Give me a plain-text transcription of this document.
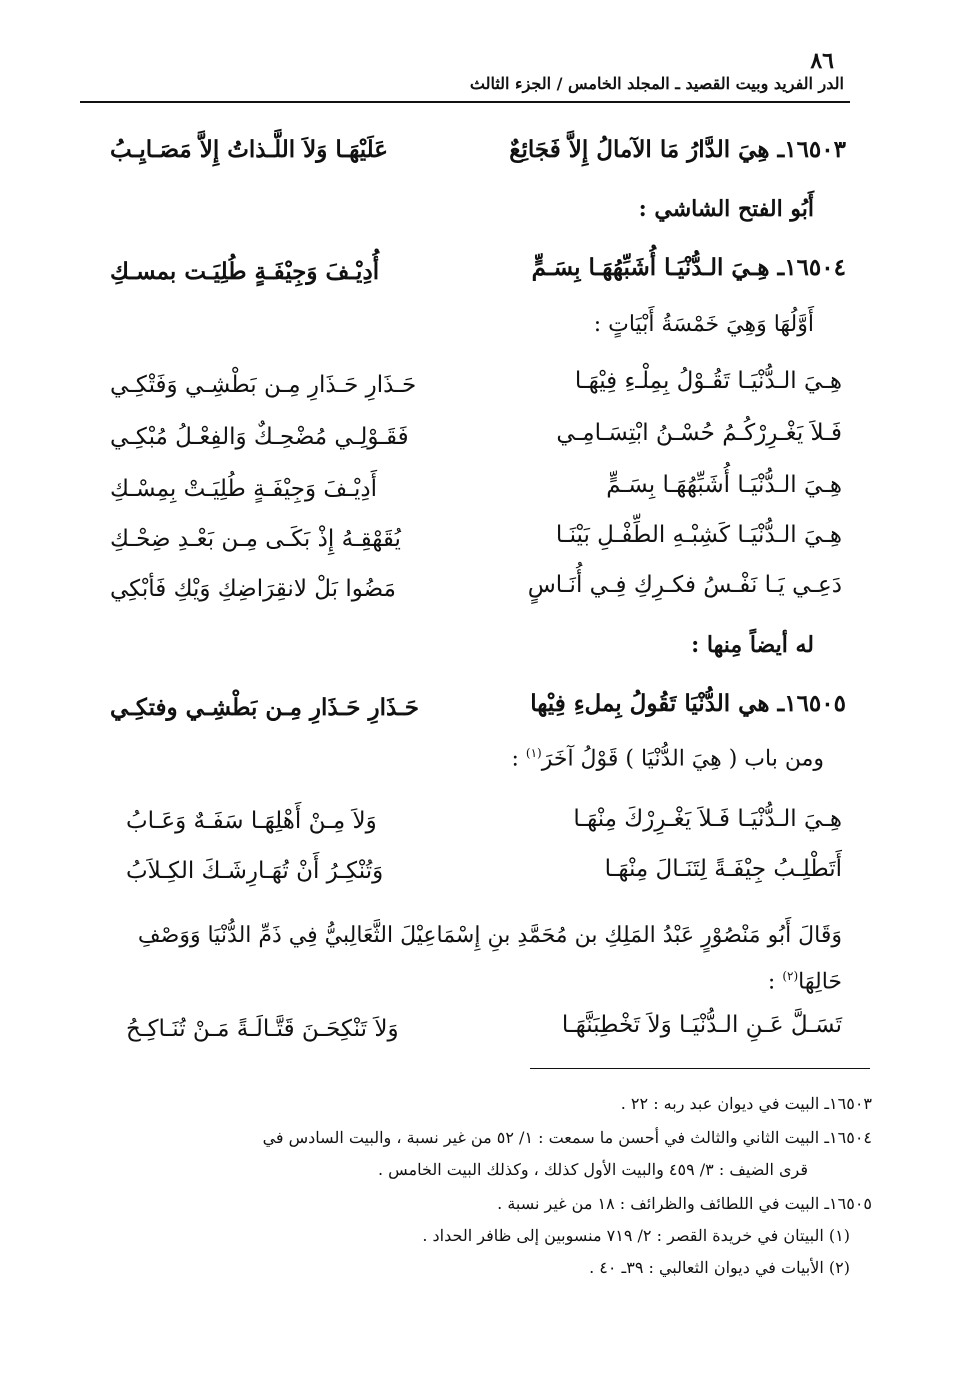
٨٦
الدر الفريد وبيت القصيد ـ المجلد الخامس / الجزء الثالث
١٦٥٠٣ـ هِيَ الدَّارُ مَا الآمالُ إِلاَّ فَجَائِعٌ
عَلَيْهَـا وَلاَ اللَّـذاتُ إِلاَّ مَصَـايِـبُ
أَبُو الفتح الشاشي :
١٦٥٠٤ـ هِـيَ الـدُّنْيَـا أُشَبِّهُهَـا بِسَـمٍّ
أُدِيْـفَ وَجِيْفَـةٍ طُلِيَـت بمسـكِ
أَوَّلُهَا وَهِيَ خَمْسَةُ أَبْيَاتٍ :
هِـيَ الـدُّنْيَـا تَقُـوْلُ بِمِلْـءِ فِيْهَـا
حَـذَارِ حَـذَارِ مِـن بَطْشِـي وَفَتْكِـي
فَـلاَ يَغْـرِرْكُـمُ حُسْـنُ ابْتِسَـامِـي
فَقَـوْلِـي مُضْحِـكٌ وَالفِعْـلُ مُبْكِـي
هِـيَ الـدُّنْيَـا أُشَبِّهُهَـا بِسَـمٍّ
أَدِيْـفَ وَجِيْفَـةٍ طُلِيَـتْ بِمِسْـكِ
هِـيَ الـدُّنْيَـا كَشِبْـهِ الطِّفْـلِ بَيْنَـا
يُقَهْقِـهُ إِذْ بَكَـى مِـن بَعْـدِ ضِحْـكِ
دَعِـي يَـا نَفْـسُ فكـرِكِ فِـي أُنَـاسٍ
مَضُوا بَلْ لانقِرَاضِكِ وَيْكِ فَأبْكِي
له أيضاً مِنها :
١٦٥٠٥ـ هي الدُّنْيَا تَقُولُ بِملءِ فِيْها
حَـذَارِ حَـذَارِ مِـن بَطْشِـي وفتكِـي
ومن باب ( هِيَ الدُّنْيَا ) قَوْلُ آخَرَ$^{(١)}$ :
هِـيَ الـدُّنْيَـا فَـلاَ يَغْـرِرْكَ مِنْهَـا
وَلاَ مِـنْ أَهْلِهَـا سَفَـهٌ وَعَـابُ
أَتَطْلِـبُ جِيْفَـةً لِتَنَـالَ مِنْهَـا
وَتُنْكِـرُ أَنْ تُهَـارِشَـكَ الكِـلاَبُ
وَقَالَ أَبُو مَنْصُوْرٍ عَبْدُ المَلِكِ بن مُحَمَّدِ بنِ إِسْمَاعِيْلَ الثَّعَالِبيُّ فِي ذَمِّ الدُّنْيَا وَوَصْفِ حَالِهَا$^{(٢)}$ :
تَسَـلَّ عَـنِ الـدُّنْيَـا وَلاَ تَخْطِبَنَّهَـا
وَلاَ تَنْكِحَـنَ قَتَّـالَـةً مَـنْ تُنَـاكِـحُ
١٦٥٠٣ـ البيت في ديوان عبد ربه : ٢٢ .
١٦٥٠٤ـ البيت الثاني والثالث في أحسن ما سمعت : ١/ ٥٢ من غير نسبة ، والبيت السادس في
قرى الضيف : ٣/ ٤٥٩ والبيت الأول كذلك ، وكذلك البيت الخامس .
١٦٥٠٥ـ البيت في اللطائف والظرائف : ١٨ من غير نسبة .
(١) البيتان في خريدة القصر : ٢/ ٧١٩ منسوبين إلى ظافر الحداد .
(٢) الأبيات في ديوان الثعالبي : ٣٩ـ ٤٠ .
